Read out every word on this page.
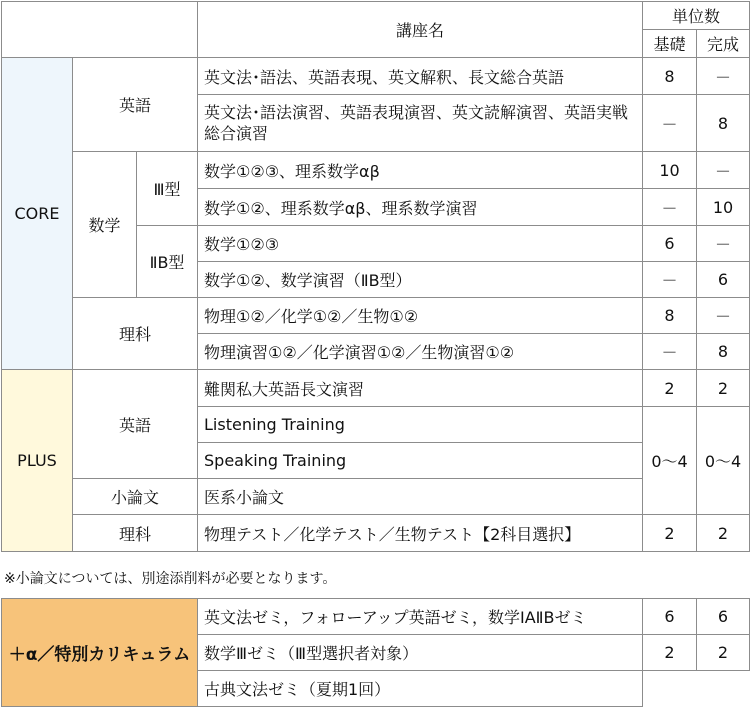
			講座名	単位数	
				基礎	完成
CORE	英語		英文法･語法、英語表現、英文解釈、長文総合英語	8	－
			英文法･語法演習、英語表現演習、英文読解演習、英語実戦総合演習	－	8
	数学	Ⅲ型	数学①②③、理系数学αβ	10	－
			数学①②、理系数学αβ、理系数学演習	－	10
		ⅡB型	数学①②③	6	－
			数学①②、数学演習（ⅡB型）	－	6
	理科		物理①②／化学①②／生物①②	8	－
			物理演習①②／化学演習①②／生物演習①②	－	8
PLUS	英語		難関私大英語長文演習	2	2
			Listening Training	0～4	0～4
			Speaking Training		
	小論文		医系小論文		
	理科		物理テスト／化学テスト／生物テスト【2科目選択】	2	2
※小論文については、別途添削料が必要となります。
＋α／特別カリキュラム	英文法ゼミ，フォローアップ英語ゼミ，数学IAⅡBゼミ	6	6
	数学Ⅲゼミ（Ⅲ型選択者対象）	2	2
	古典文法ゼミ（夏期1回）		
